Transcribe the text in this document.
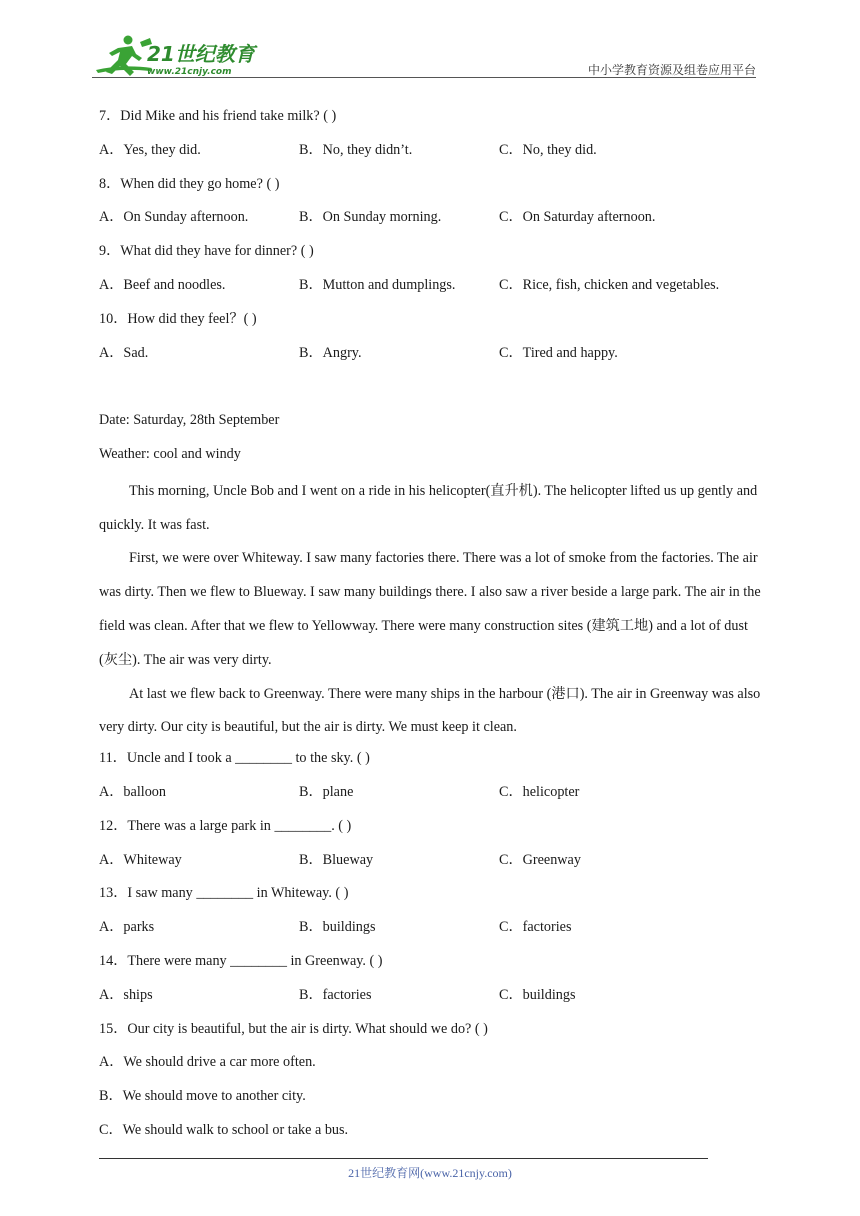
21世纪教育
www.21cnjy.com	中小学教育资源及组卷应用平台
7．Did Mike and his friend take milk? ( )
A．Yes, they did.	B．No, they didn’t.	C．No, they did.
8．When did they go home? ( )
A．On Sunday afternoon.	B．On Sunday morning.	C．On Saturday afternoon.
9．What did they have for dinner? ( )
A．Beef and noodles.	B．Mutton and dumplings.	C．Rice, fish, chicken and vegetables.
10．How did they feel？( )
A．Sad.	B．Angry.	C．Tired and happy.
Date: Saturday, 28th September
Weather: cool and windy
This morning, Uncle Bob and I went on a ride in his helicopter(直升机). The helicopter lifted us up gently and quickly. It was fast.
First, we were over Whiteway. I saw many factories there. There was a lot of smoke from the factories. The air was dirty. Then we flew to Blueway. I saw many buildings there. I also saw a river beside a large park. The air in the field was clean. After that we flew to Yellowway. There were many construction sites (建筑工地) and a lot of dust (灰尘). The air was very dirty.
At last we flew back to Greenway. There were many ships in the harbour (港口). The air in Greenway was also very dirty. Our city is beautiful, but the air is dirty. We must keep it clean.
11．Uncle and I took a ________ to the sky. ( )
A．balloon	B．plane	C．helicopter
12．There was a large park in ________. ( )
A．Whiteway	B．Blueway	C．Greenway
13．I saw many ________ in Whiteway. ( )
A．parks	B．buildings	C．factories
14．There were many ________ in Greenway. ( )
A．ships	B．factories	C．buildings
15．Our city is beautiful, but the air is dirty. What should we do? ( )
A．We should drive a car more often.
B．We should move to another city.
C．We should walk to school or take a bus.
21世纪教育网(www.21cnjy.com)
